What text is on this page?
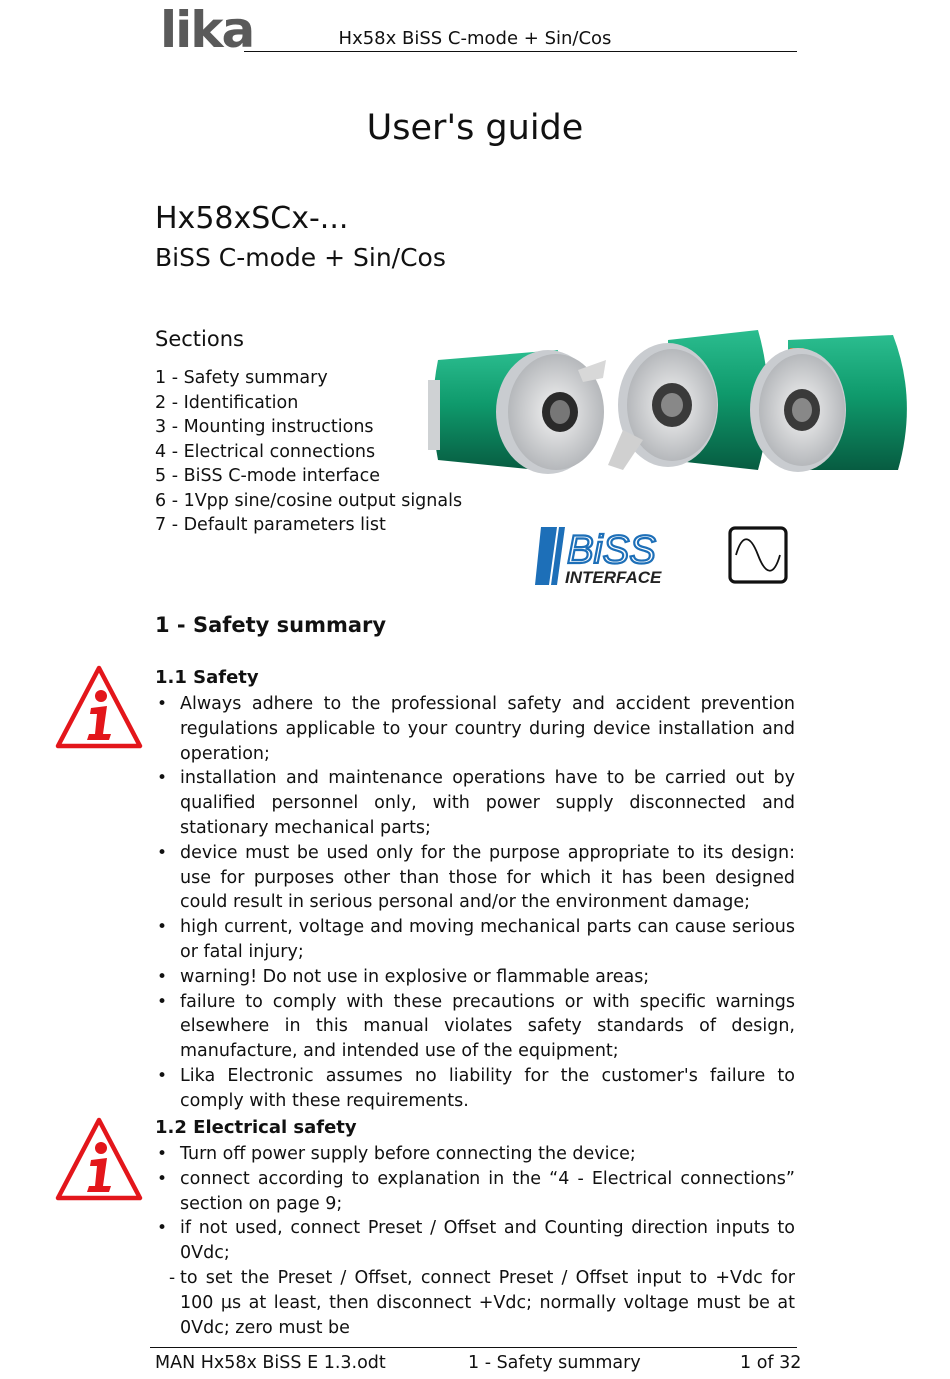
lika	Hx58x BiSS C-mode + Sin/Cos
User's guide
Hx58xSCx-...
BiSS C-mode + Sin/Cos
Sections
1 - Safety summary
2 - Identification
3 - Mounting instructions
4 - Electrical connections
5 - BiSS C-mode interface
6 - 1Vpp sine/cosine output signals
7 - Default parameters list
BiSS
INTERFACE
1 - Safety summary
1.1 Safety
• Always adhere to the professional safety and accident prevention regulations applicable to your country during device installation and operation;
• installation and maintenance operations have to be carried out by qualified personnel only, with power supply disconnected and stationary mechanical parts;
• device must be used only for the purpose appropriate to its design: use for purposes other than those for which it has been designed could result in serious personal and/or the environment damage;
• high current, voltage and moving mechanical parts can cause serious or fatal injury;
• warning! Do not use in explosive or flammable areas;
• failure to comply with these precautions or with specific warnings elsewhere in this manual violates safety standards of design, manufacture, and intended use of the equipment;
• Lika Electronic assumes no liability for the customer's failure to comply with these requirements.
1.2 Electrical safety
• Turn off power supply before connecting the device;
• connect according to explanation in the “4 - Electrical connections” section on page 9;
• if not used, connect Preset / Offset and Counting direction inputs to 0Vdc;
- to set the Preset / Offset, connect Preset / Offset input to +Vdc for 100 µs at least, then disconnect +Vdc; normally voltage must be at 0Vdc; zero must be
MAN Hx58x BiSS E 1.3.odt	1 - Safety summary	1 of 32
